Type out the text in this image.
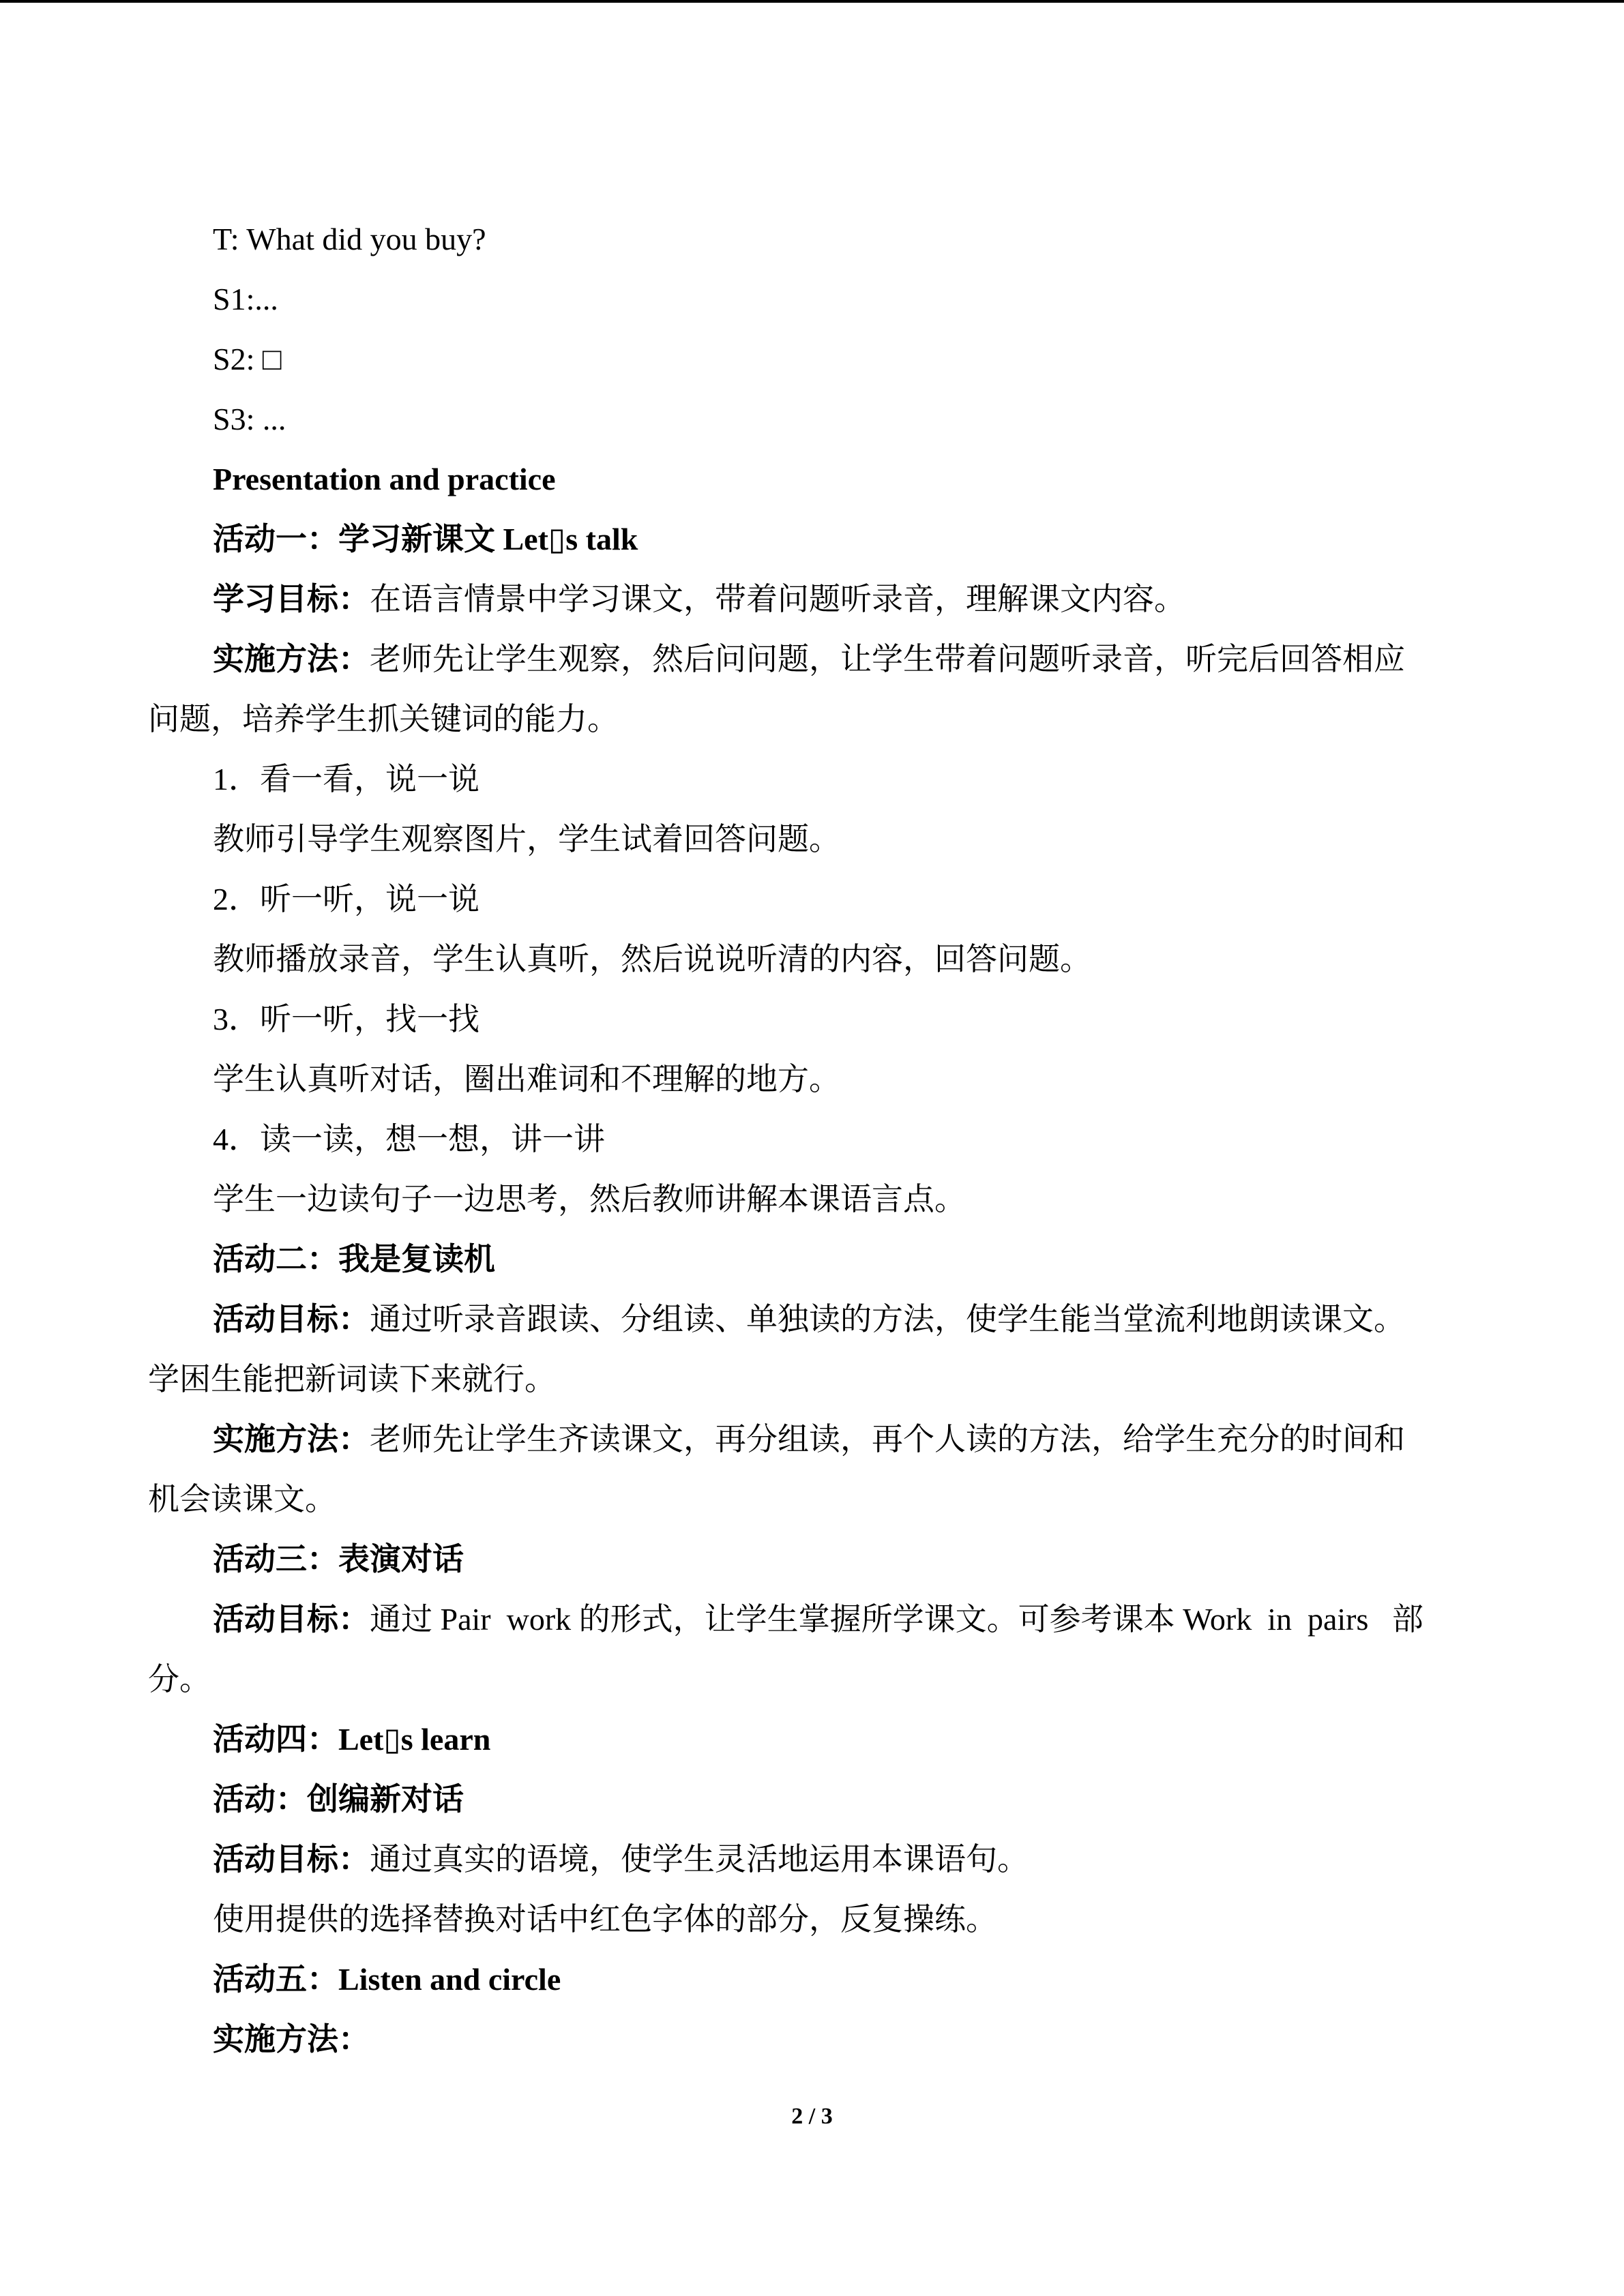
T: What did you buy?
S1:...
S2: □
S3: ...
Presentation and practice
活动一：学习新课文 Let▯s talk
学习目标：在语言情景中学习课文，带着问题听录音，理解课文内容。
实施方法：老师先让学生观察，然后问问题，让学生带着问题听录音，听完后回答相应
问题，培养学生抓关键词的能力。
1．看一看，说一说
教师引导学生观察图片，学生试着回答问题。
2．听一听，说一说
教师播放录音，学生认真听，然后说说听清的内容，回答问题。
3．听一听，找一找
学生认真听对话，圈出难词和不理解的地方。
4．读一读，想一想，讲一讲
学生一边读句子一边思考，然后教师讲解本课语言点。
活动二：我是复读机
活动目标：通过听录音跟读、分组读、单独读的方法，使学生能当堂流利地朗读课文。
学困生能把新词读下来就行。
实施方法：老师先让学生齐读课文，再分组读，再个人读的方法，给学生充分的时间和
机会读课文。
活动三：表演对话
活动目标：通过 Pair  work 的形式，让学生掌握所学课文。可参考课本 Work  in  pairs   部
分。
活动四：Let▯s learn
活动：创编新对话
活动目标：通过真实的语境，使学生灵活地运用本课语句。
使用提供的选择替换对话中红色字体的部分，反复操练。
活动五：Listen and circle
实施方法：
2 / 3
